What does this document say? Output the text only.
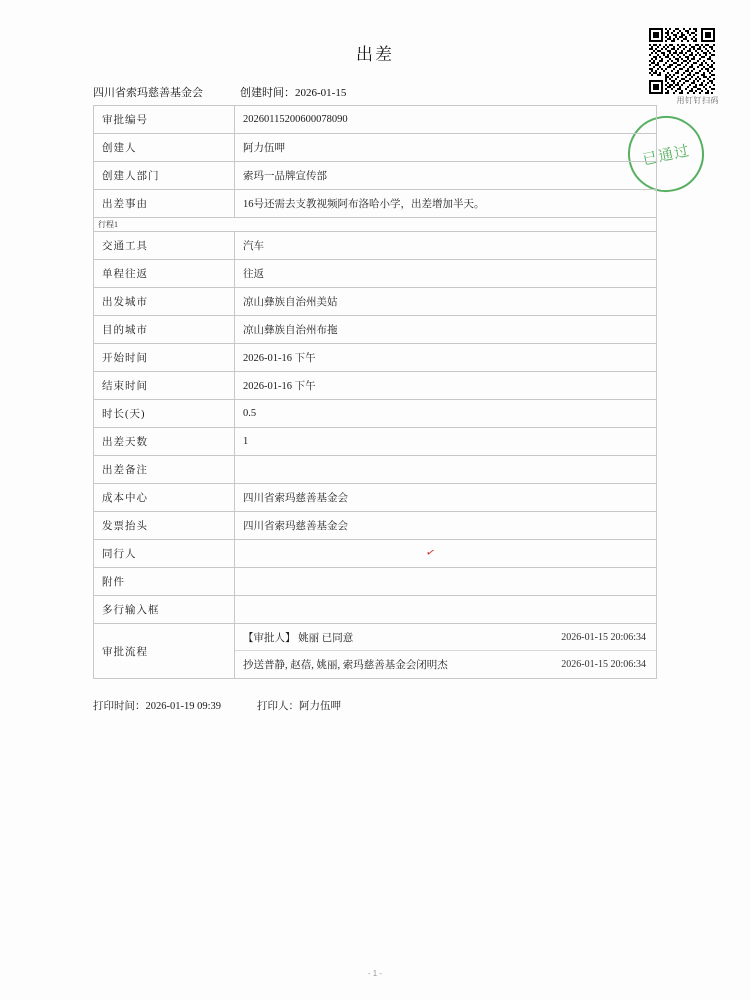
出差
用钉钉扫码
已通过
四川省索玛慈善基金会	创建时间：2026-01-15
审批编号	20260115200600078090
创建人	阿力伍呷
创建人部门	索玛一品牌宣传部
出差事由	16号还需去支教视频阿布洛哈小学，出差增加半天。
行程1	
交通工具	汽车
单程往返	往返
出发城市	凉山彝族自治州美姑
目的城市	凉山彝族自治州布拖
开始时间	2026-01-16 下午
结束时间	2026-01-16 下午
时长(天)	0.5
出差天数	1
出差备注	
成本中心	四川省索玛慈善基金会
发票抬头	四川省索玛慈善基金会
同行人	
附件	
多行输入框	
审批流程	【审批人】 姚丽 已同意 2026-01-15 20:06:34
抄送普静, 赵蓓, 姚丽, 索玛慈善基金会闭明杰 2026-01-15 20:06:34
✓
打印时间：2026-01-19 09:39	打印人：阿力伍呷
- 1 -
